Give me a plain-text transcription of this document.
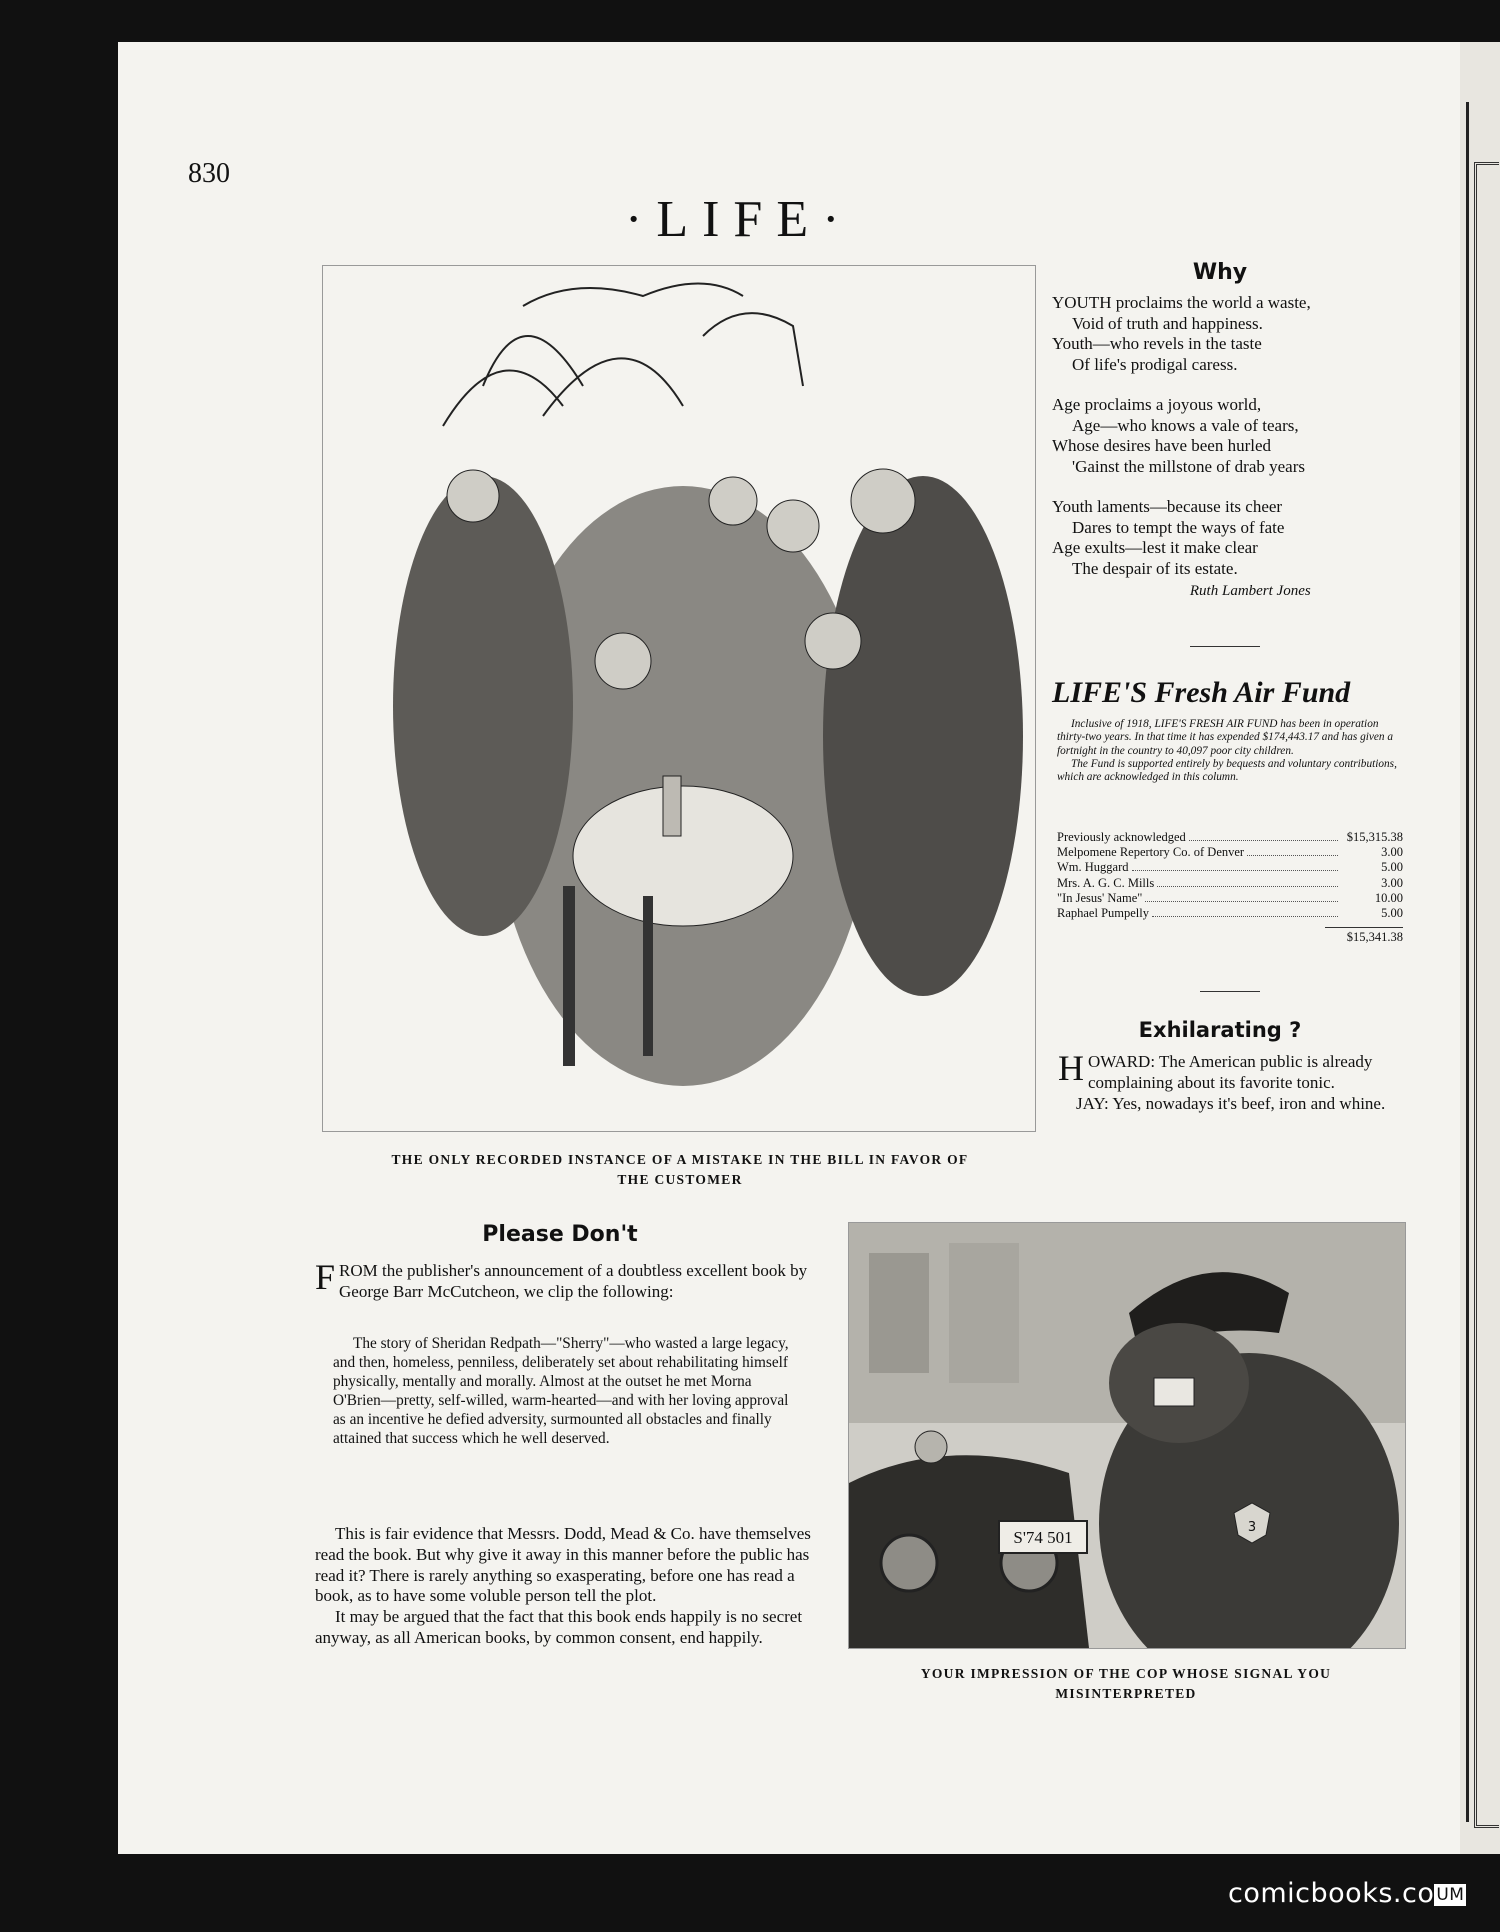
830
·LIFE·
THE ONLY RECORDED INSTANCE OF A MISTAKE IN THE BILL IN FAVOR OF
THE CUSTOMER
Why
YOUTH proclaims the world a waste,
Void of truth and happiness.
Youth—who revels in the taste
Of life's prodigal caress.
Age proclaims a joyous world,
Age—who knows a vale of tears,
Whose desires have been hurled
'Gainst the millstone of drab years
Youth laments—because its cheer
Dares to tempt the ways of fate
Age exults—lest it make clear
The despair of its estate.
Ruth Lambert Jones
LIFE'S Fresh Air Fund
Inclusive of 1918, LIFE'S FRESH AIR FUND has been in operation thirty-two years. In that time it has expended $174,443.17 and has given a fortnight in the country to 40,097 poor city children.
The Fund is supported entirely by bequests and voluntary contributions, which are acknowledged in this column.
Previously acknowledged	$15,315.38
Melpomene Repertory Co. of Denver	3.00
Wm. Huggard	5.00
Mrs. A. G. C. Mills	3.00
"In Jesus' Name"	10.00
Raphael Pumpelly	5.00
$15,341.38
Exhilarating ?
HOWARD: The American public is already complaining about its favorite tonic.
JAY: Yes, nowadays it's beef, iron and whine.
Please Don't
FROM the publisher's announcement of a doubtless excellent book by George Barr McCutcheon, we clip the following:
The story of Sheridan Redpath—"Sherry"—who wasted a large legacy, and then, homeless, penniless, deliberately set about rehabilitating himself physically, mentally and morally. Almost at the outset he met Morna O'Brien—pretty, self-willed, warm-hearted—and with her loving approval as an incentive he defied adversity, surmounted all obstacles and finally attained that success which he well deserved.
This is fair evidence that Messrs. Dodd, Mead & Co. have themselves read the book. But why give it away in this manner before the public has read it? There is rarely anything so exasperating, before one has read a book, as to have some voluble person tell the plot.
It may be argued that the fact that this book ends happily is no secret anyway, as all American books, by common consent, end happily.
S'74 501
3
YOUR IMPRESSION OF THE COP WHOSE SIGNAL YOU
MISINTERPRETED
comicbooks.co UM
